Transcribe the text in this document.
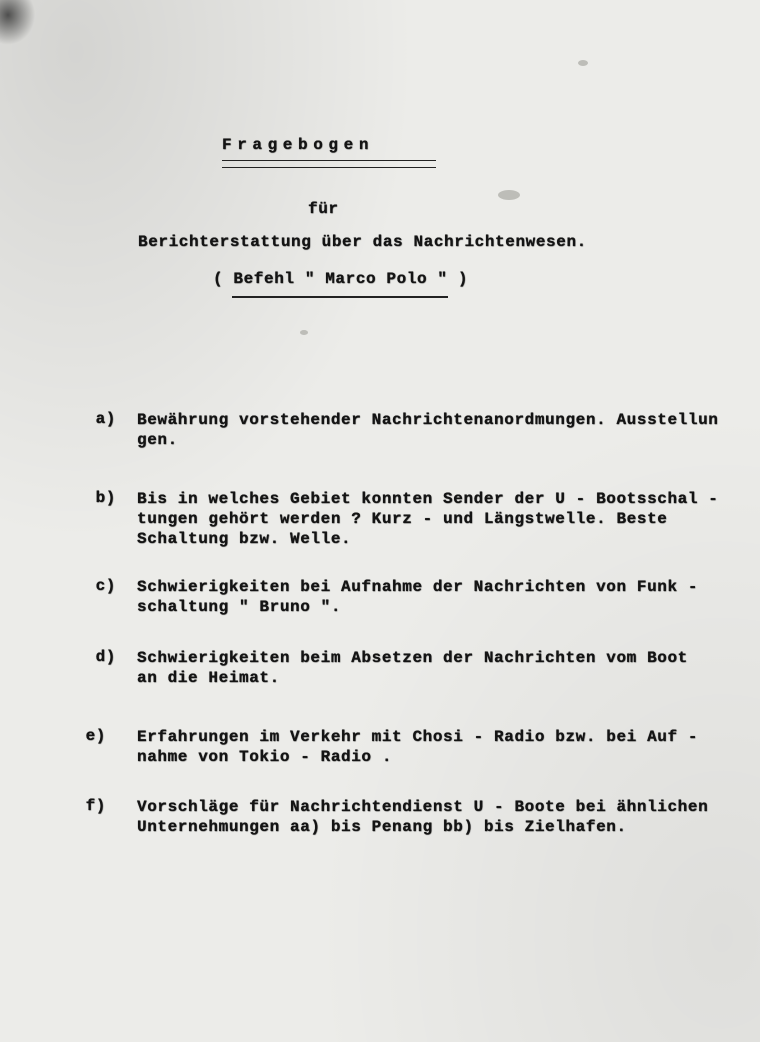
Fragebogen
für
Berichterstattung über das Nachrichtenwesen.
( Befehl " Marco Polo " )
a) Bewährung vorstehender Nachrichtenanordmungen. Ausstellun
gen.
b) Bis in welches Gebiet konnten Sender der U - Bootsschal -
tungen gehört werden ? Kurz - und Längstwelle. Beste
Schaltung bzw. Welle.
c) Schwierigkeiten bei Aufnahme der Nachrichten von Funk -
schaltung " Bruno ".
d) Schwierigkeiten beim Absetzen der Nachrichten vom Boot
an die Heimat.
e) Erfahrungen im Verkehr mit Chosi - Radio bzw. bei Auf -
nahme von Tokio - Radio .
f) Vorschläge für Nachrichtendienst U - Boote bei ähnlichen
Unternehmungen aa) bis Penang bb) bis Zielhafen.
